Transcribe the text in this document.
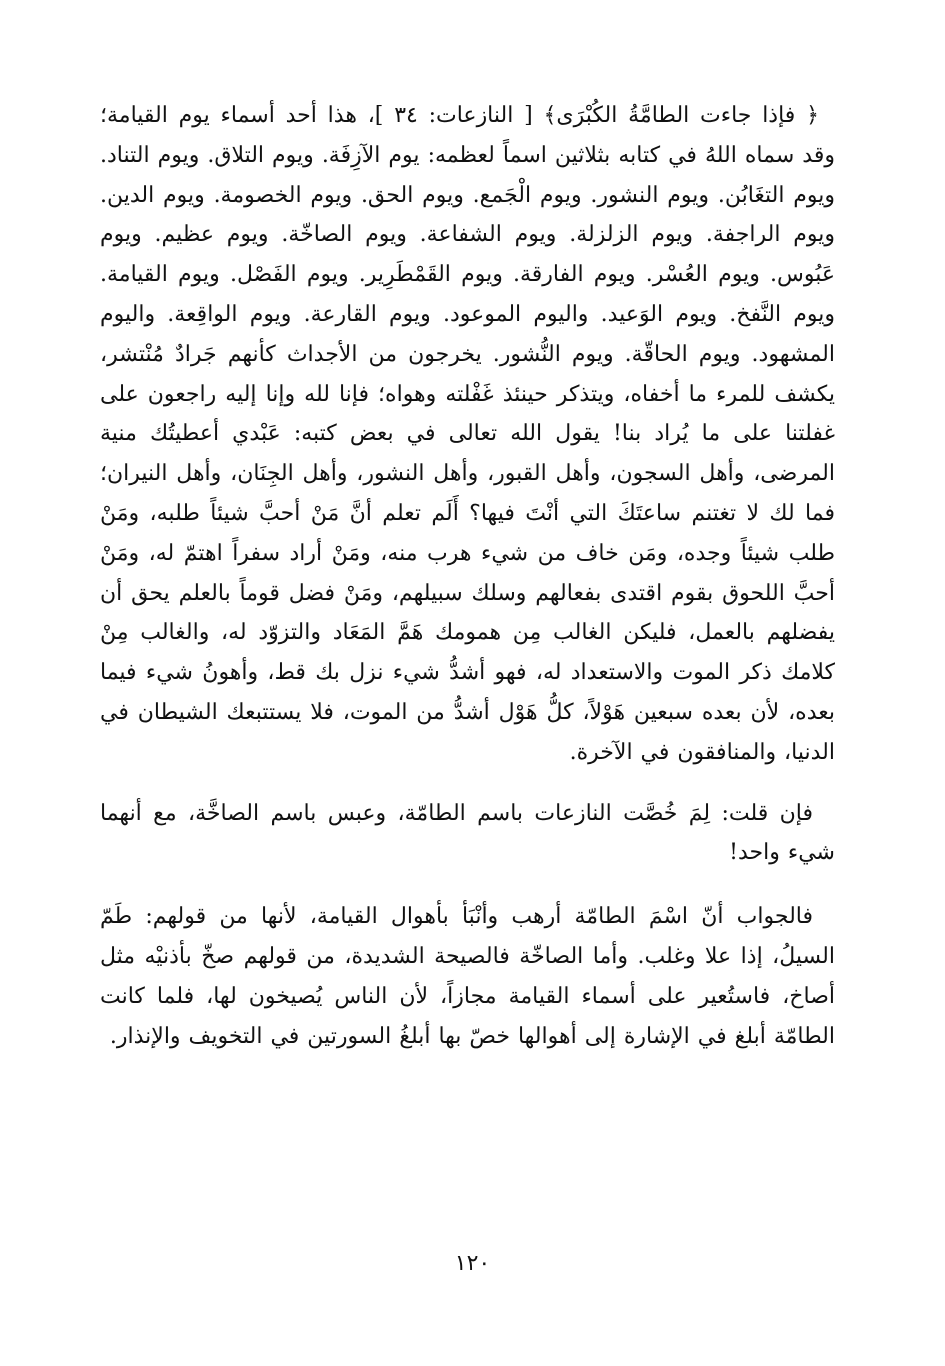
﴿ فإذا جاءت الطامَّةُ الكُبْرَى﴾ [ النازعات: ٣٤ ]، هذا أحد أسماء يوم القيامة؛ وقد سماه اللهُ في كتابه بثلاثين اسماً لعظمه: يوم الآزِفَة. ويوم التلاق. ويوم التناد. ويوم التغَابُن. ويوم النشور. ويوم الْجَمع. ويوم الحق. ويوم الخصومة. ويوم الدين. ويوم الراجفة. ويوم الزلزلة. ويوم الشفاعة. ويوم الصاخّة. ويوم عظيم. ويوم عَبُوس. ويوم العُسْر. ويوم الفارقة. ويوم القَمْطَرِير. ويوم الفَصْل. ويوم القيامة. ويوم النَّفخ. ويوم الوَعيد. واليوم الموعود. ويوم القارعة. ويوم الواقِعة. واليوم المشهود. ويوم الحاقّة. ويوم النُّشور. يخرجون من الأجداث كأنهم جَرادٌ مُنْتشر، يكشف للمرء ما أخفاه، ويتذكر حينئذ غَفْلته وهواه؛ فإنا لله وإنا إليه راجعون على غفلتنا على ما يُراد بنا! يقول الله تعالى في بعض كتبه: عَبْدي أعطيتُك منية المرضى، وأهل السجون، وأهل القبور، وأهل النشور، وأهل الجِنَان، وأهل النيران؛ فما لك لا تغتنم ساعتَكَ التي أنْتَ فيها؟ أَلَم تعلم أنَّ مَنْ أحبَّ شيئاً طلبه، ومَنْ طلب شيئاً وجده، ومَن خاف من شيء هرب منه، ومَنْ أراد سفراً اهتمّ له، ومَنْ أحبَّ اللحوق بقوم اقتدى بفعالهم وسلك سبيلهم، ومَنْ فضل قوماً بالعلم يحق أن يفضلهم بالعمل، فليكن الغالب مِن همومك هَمَّ المَعَاد والتزوّد له، والغالب مِنْ كلامك ذكر الموت والاستعداد له، فهو أشدُّ شيء نزل بك قط، وأهونُ شيء فيما بعده، لأن بعده سبعين هَوْلاً، كلُّ هَوْل أشدُّ من الموت، فلا يستتبعك الشيطان في الدنيا، والمنافقون في الآخرة.

فإن قلت: لِمَ خُصَّت النازعات باسم الطامّة، وعبس باسم الصاخَّة، مع أنهما شيء واحد!

فالجواب أنّ اسْمَ الطامّة أرهب وأنْبَأ بأهوال القيامة، لأنها من قولهم: طَمّ السيلُ، إذا علا وغلب. وأما الصاخّة فالصيحة الشديدة، من قولهم صخّ بأذنيْه مثل أصاخ، فاستُعير على أسماء القيامة مجازاً، لأن الناس يُصيخون لها، فلما كانت الطامّة أبلغ في الإشارة إلى أهوالها خصّ بها أبلغُ السورتين في التخويف والإنذار.

١٢٠
